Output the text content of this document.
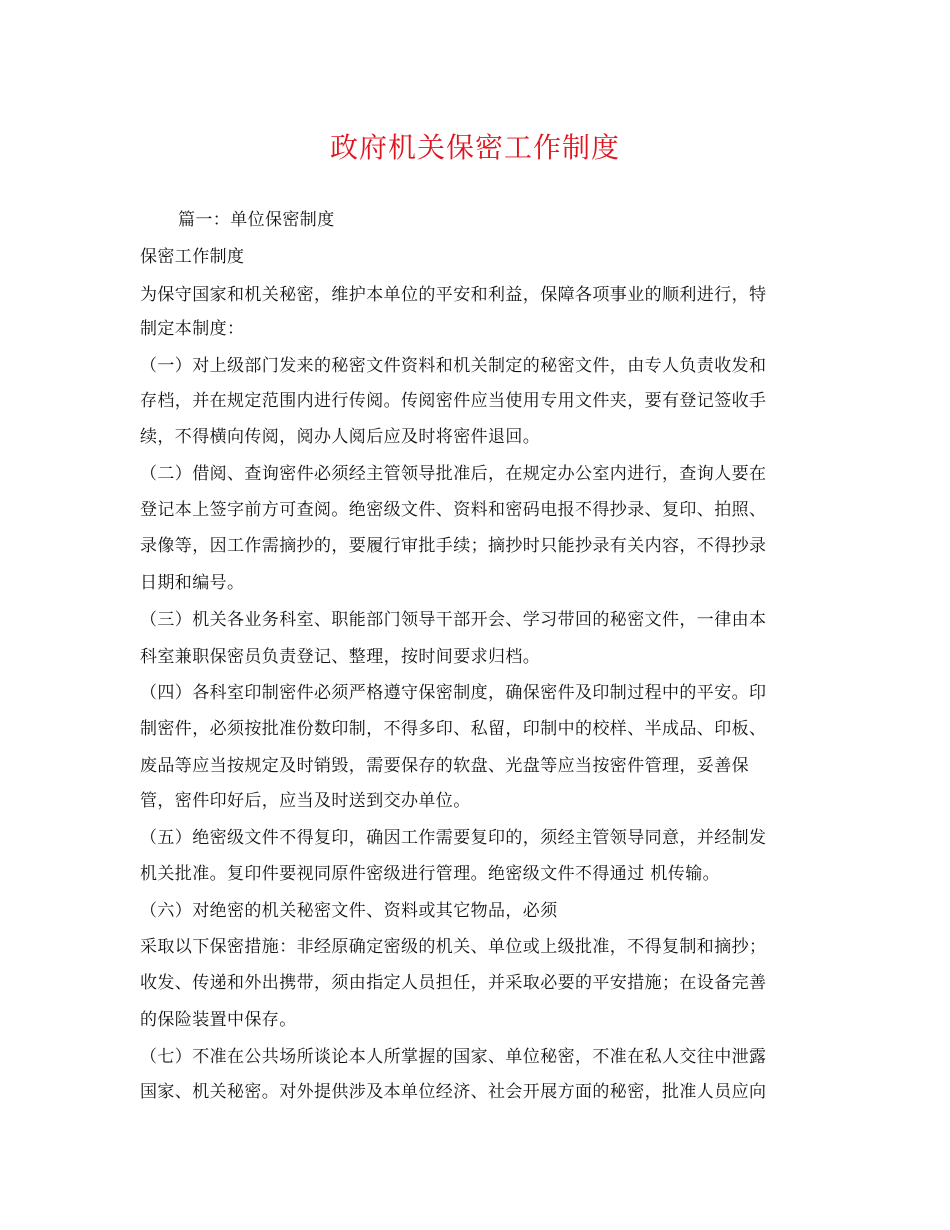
政府机关保密工作制度
篇一：单位保密制度
保密工作制度
为保守国家和机关秘密，维护本单位的平安和利益，保障各项事业的顺利进行，特
制定本制度：
（一）对上级部门发来的秘密文件资料和机关制定的秘密文件，由专人负责收发和
存档，并在规定范围内进行传阅。传阅密件应当使用专用文件夹，要有登记签收手
续，不得横向传阅，阅办人阅后应及时将密件退回。
（二）借阅、查询密件必须经主管领导批准后，在规定办公室内进行，查询人要在
登记本上签字前方可查阅。绝密级文件、资料和密码电报不得抄录、复印、拍照、
录像等，因工作需摘抄的，要履行审批手续；摘抄时只能抄录有关内容，不得抄录
日期和编号。
（三）机关各业务科室、职能部门领导干部开会、学习带回的秘密文件，一律由本
科室兼职保密员负责登记、整理，按时间要求归档。
（四）各科室印制密件必须严格遵守保密制度，确保密件及印制过程中的平安。印
制密件，必须按批准份数印制，不得多印、私留，印制中的校样、半成品、印板、
废品等应当按规定及时销毁，需要保存的软盘、光盘等应当按密件管理，妥善保
管，密件印好后，应当及时送到交办单位。
（五）绝密级文件不得复印，确因工作需要复印的，须经主管领导同意，并经制发
机关批准。复印件要视同原件密级进行管理。绝密级文件不得通过 机传输。
（六）对绝密的机关秘密文件、资料或其它物品，必须
采取以下保密措施：非经原确定密级的机关、单位或上级批准，不得复制和摘抄；
收发、传递和外出携带，须由指定人员担任，并采取必要的平安措施；在设备完善
的保险装置中保存。
（七）不准在公共场所谈论本人所掌握的国家、单位秘密，不准在私人交往中泄露
国家、机关秘密。对外提供涉及本单位经济、社会开展方面的秘密，批准人员应向
